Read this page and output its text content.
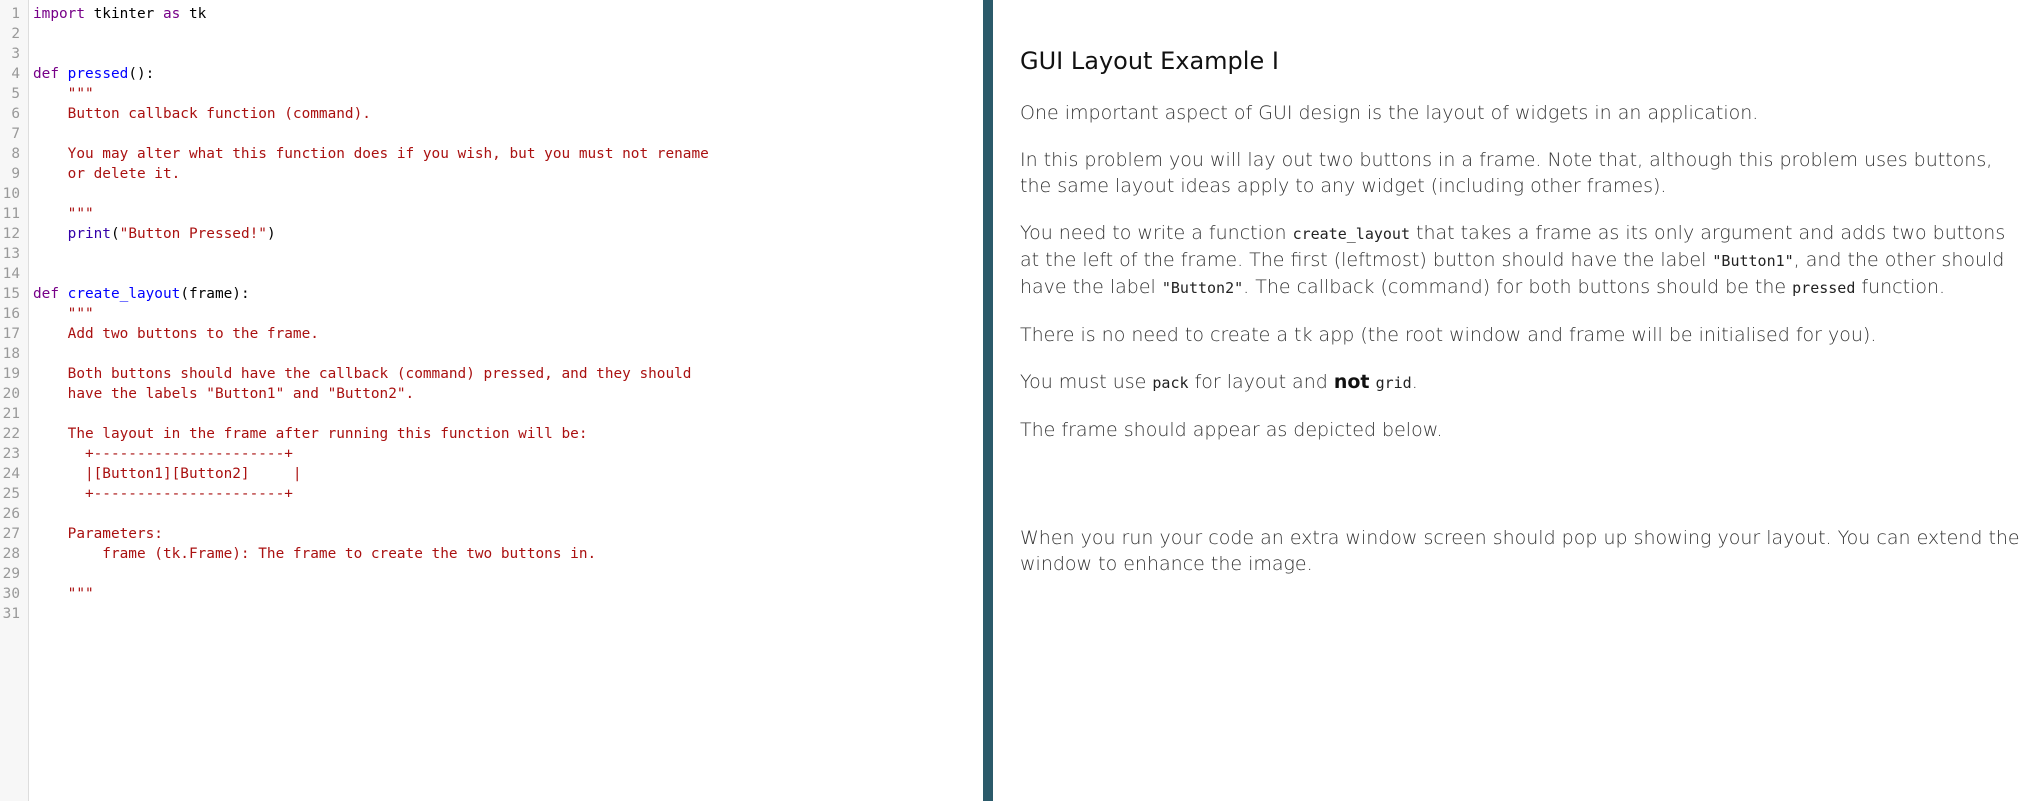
1 import tkinter as tk
2
3
4 def pressed():
5 """
6 Button callback function (command).
7
8 You may alter what this function does if you wish, but you must not rename
9 or delete it.
10
11 """
12	print("Button Pressed!")
13
14
15 def create_layout(frame):
16 """
17 Add two buttons to the frame.
18
19 Both buttons should have the callback (command) pressed, and they should
20 have the labels "Button1" and "Button2".
21
22 The layout in the frame after running this function will be:
23 +----------------------+
24 |[Button1][Button2]     |
25 +----------------------+
26
27 Parameters:
28 frame (tk.Frame): The frame to create the two buttons in.
29
30 """
31
GUI Layout Example I

One important aspect of GUI design is the layout of widgets in an application.

In this problem you will lay out two buttons in a frame. Note that, although this problem uses buttons, the same layout ideas apply to any widget (including other frames).

You need to write a function create_layout that takes a frame as its only argument and adds two buttons at the left of the frame. The first (leftmost) button should have the label "Button1", and the other should have the label "Button2". The callback (command) for both buttons should be the pressed function.

There is no need to create a tk app (the root window and frame will be initialised for you).

You must use pack for layout and not grid.

The frame should appear as depicted below.

When you run your code an extra window screen should pop up showing your layout. You can extend the window to enhance the image.
